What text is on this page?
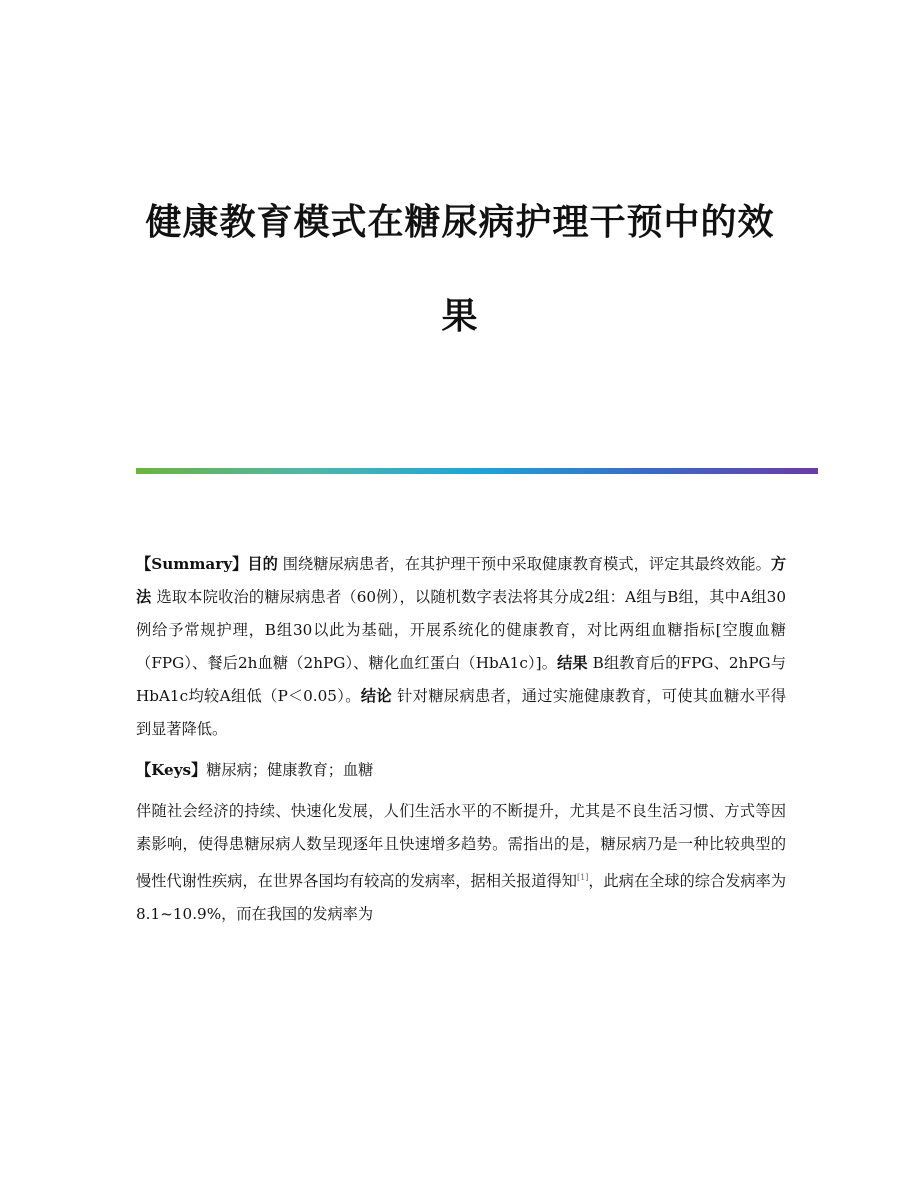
健康教育模式在糖尿病护理干预中的效
果

【Summary】目的 围绕糖尿病患者，在其护理干预中采取健康教育模式，评定其最终效能。方法 选取本院收治的糖尿病患者（60例），以随机数字表法将其分成2组：A组与B组，其中A组30例给予常规护理，B组30以此为基础，开展系统化的健康教育，对比两组血糖指标[空腹血糖（FPG）、餐后2h血糖（2hPG）、糖化血红蛋白（HbA1c）]。结果 B组教育后的FPG、2hPG与HbA1c均较A组低（P＜0.05）。结论 针对糖尿病患者，通过实施健康教育，可使其血糖水平得到显著降低。

【Keys】糖尿病；健康教育；血糖

伴随社会经济的持续、快速化发展，人们生活水平的不断提升，尤其是不良生活习惯、方式等因素影响，使得患糖尿病人数呈现逐年且快速增多趋势。需指出的是，糖尿病乃是一种比较典型的慢性代谢性疾病，在世界各国均有较高的发病率，据相关报道得知[1]，此病在全球的综合发病率为8.1~10.9%，而在我国的发病率为
